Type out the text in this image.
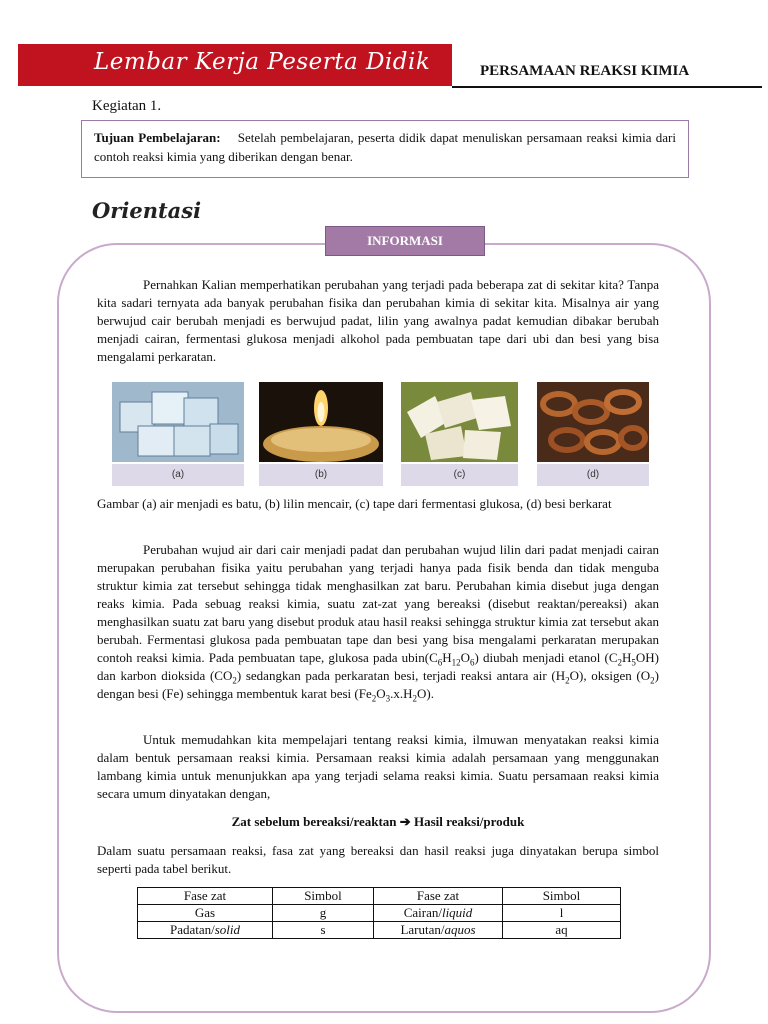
Lembar Kerja Peserta Didik	PERSAMAAN REAKSI KIMIA
Kegiatan 1.
Tujuan Pembelajaran: Setelah pembelajaran, peserta didik dapat menuliskan persamaan reaksi kimia dari contoh reaksi kimia yang diberikan dengan benar.
Orientasi
INFORMASI
Pernahkan Kalian memperhatikan perubahan yang terjadi pada beberapa zat di sekitar kita? Tanpa kita sadari ternyata ada banyak perubahan fisika dan perubahan kimia di sekitar kita. Misalnya air yang berwujud cair berubah menjadi es berwujud padat, lilin yang awalnya padat kemudian dibakar berubah menjadi cairan, fermentasi glukosa menjadi alkohol pada pembuatan tape dari ubi dan besi yang bisa mengalami perkaratan.
(a)	(b)	(c)	(d)
Gambar (a) air menjadi es batu, (b) lilin mencair, (c) tape dari fermentasi glukosa, (d) besi berkarat
Perubahan wujud air dari cair menjadi padat dan perubahan wujud lilin dari padat menjadi cairan merupakan perubahan fisika yaitu perubahan yang terjadi hanya pada fisik benda dan tidak menguba struktur kimia zat tersebut sehingga tidak menghasilkan zat baru. Perubahan kimia disebut juga dengan reaks kimia. Pada sebuag reaksi kimia, suatu zat-zat yang bereaksi (disebut reaktan/pereaksi) akan menghasilkan suatu zat baru yang disebut produk atau hasil reaksi sehingga struktur kimia zat tersebut akan berubah. Fermentasi glukosa pada pembuatan tape dan besi yang bisa mengalami perkaratan merupakan contoh reaksi kimia. Pada pembuatan tape, glukosa pada $ubin(C_6H_{12}O_6)$ diubah menjadi etanol $(C_2H_5OH)$ dan karbon dioksida $(CO_2)$ sedangkan pada perkaratan besi, terjadi reaksi antara air $(H_2O)$, oksigen $(O_2)$ dengan besi (Fe) sehingga membentuk karat besi $(Fe_2O_3.x.H_2O)$.
Untuk memudahkan kita mempelajari tentang reaksi kimia, ilmuwan menyatakan reaksi kimia dalam bentuk persamaan reaksi kimia. Persamaan reaksi kimia adalah persamaan yang menggunakan lambang kimia untuk menunjukkan apa yang terjadi selama reaksi kimia. Suatu persamaan reaksi kimia secara umum dinyatakan dengan,
Zat sebelum bereaksi/reaktan ➔ Hasil reaksi/produk
Dalam suatu persamaan reaksi, fasa zat yang bereaksi dan hasil reaksi juga dinyatakan berupa simbol seperti pada tabel berikut.
Fase zat	Simbol	Fase zat	Simbol
Gas	g	Cairan/liquid	l
Padatan/solid	s	Larutan/aquos	aq
